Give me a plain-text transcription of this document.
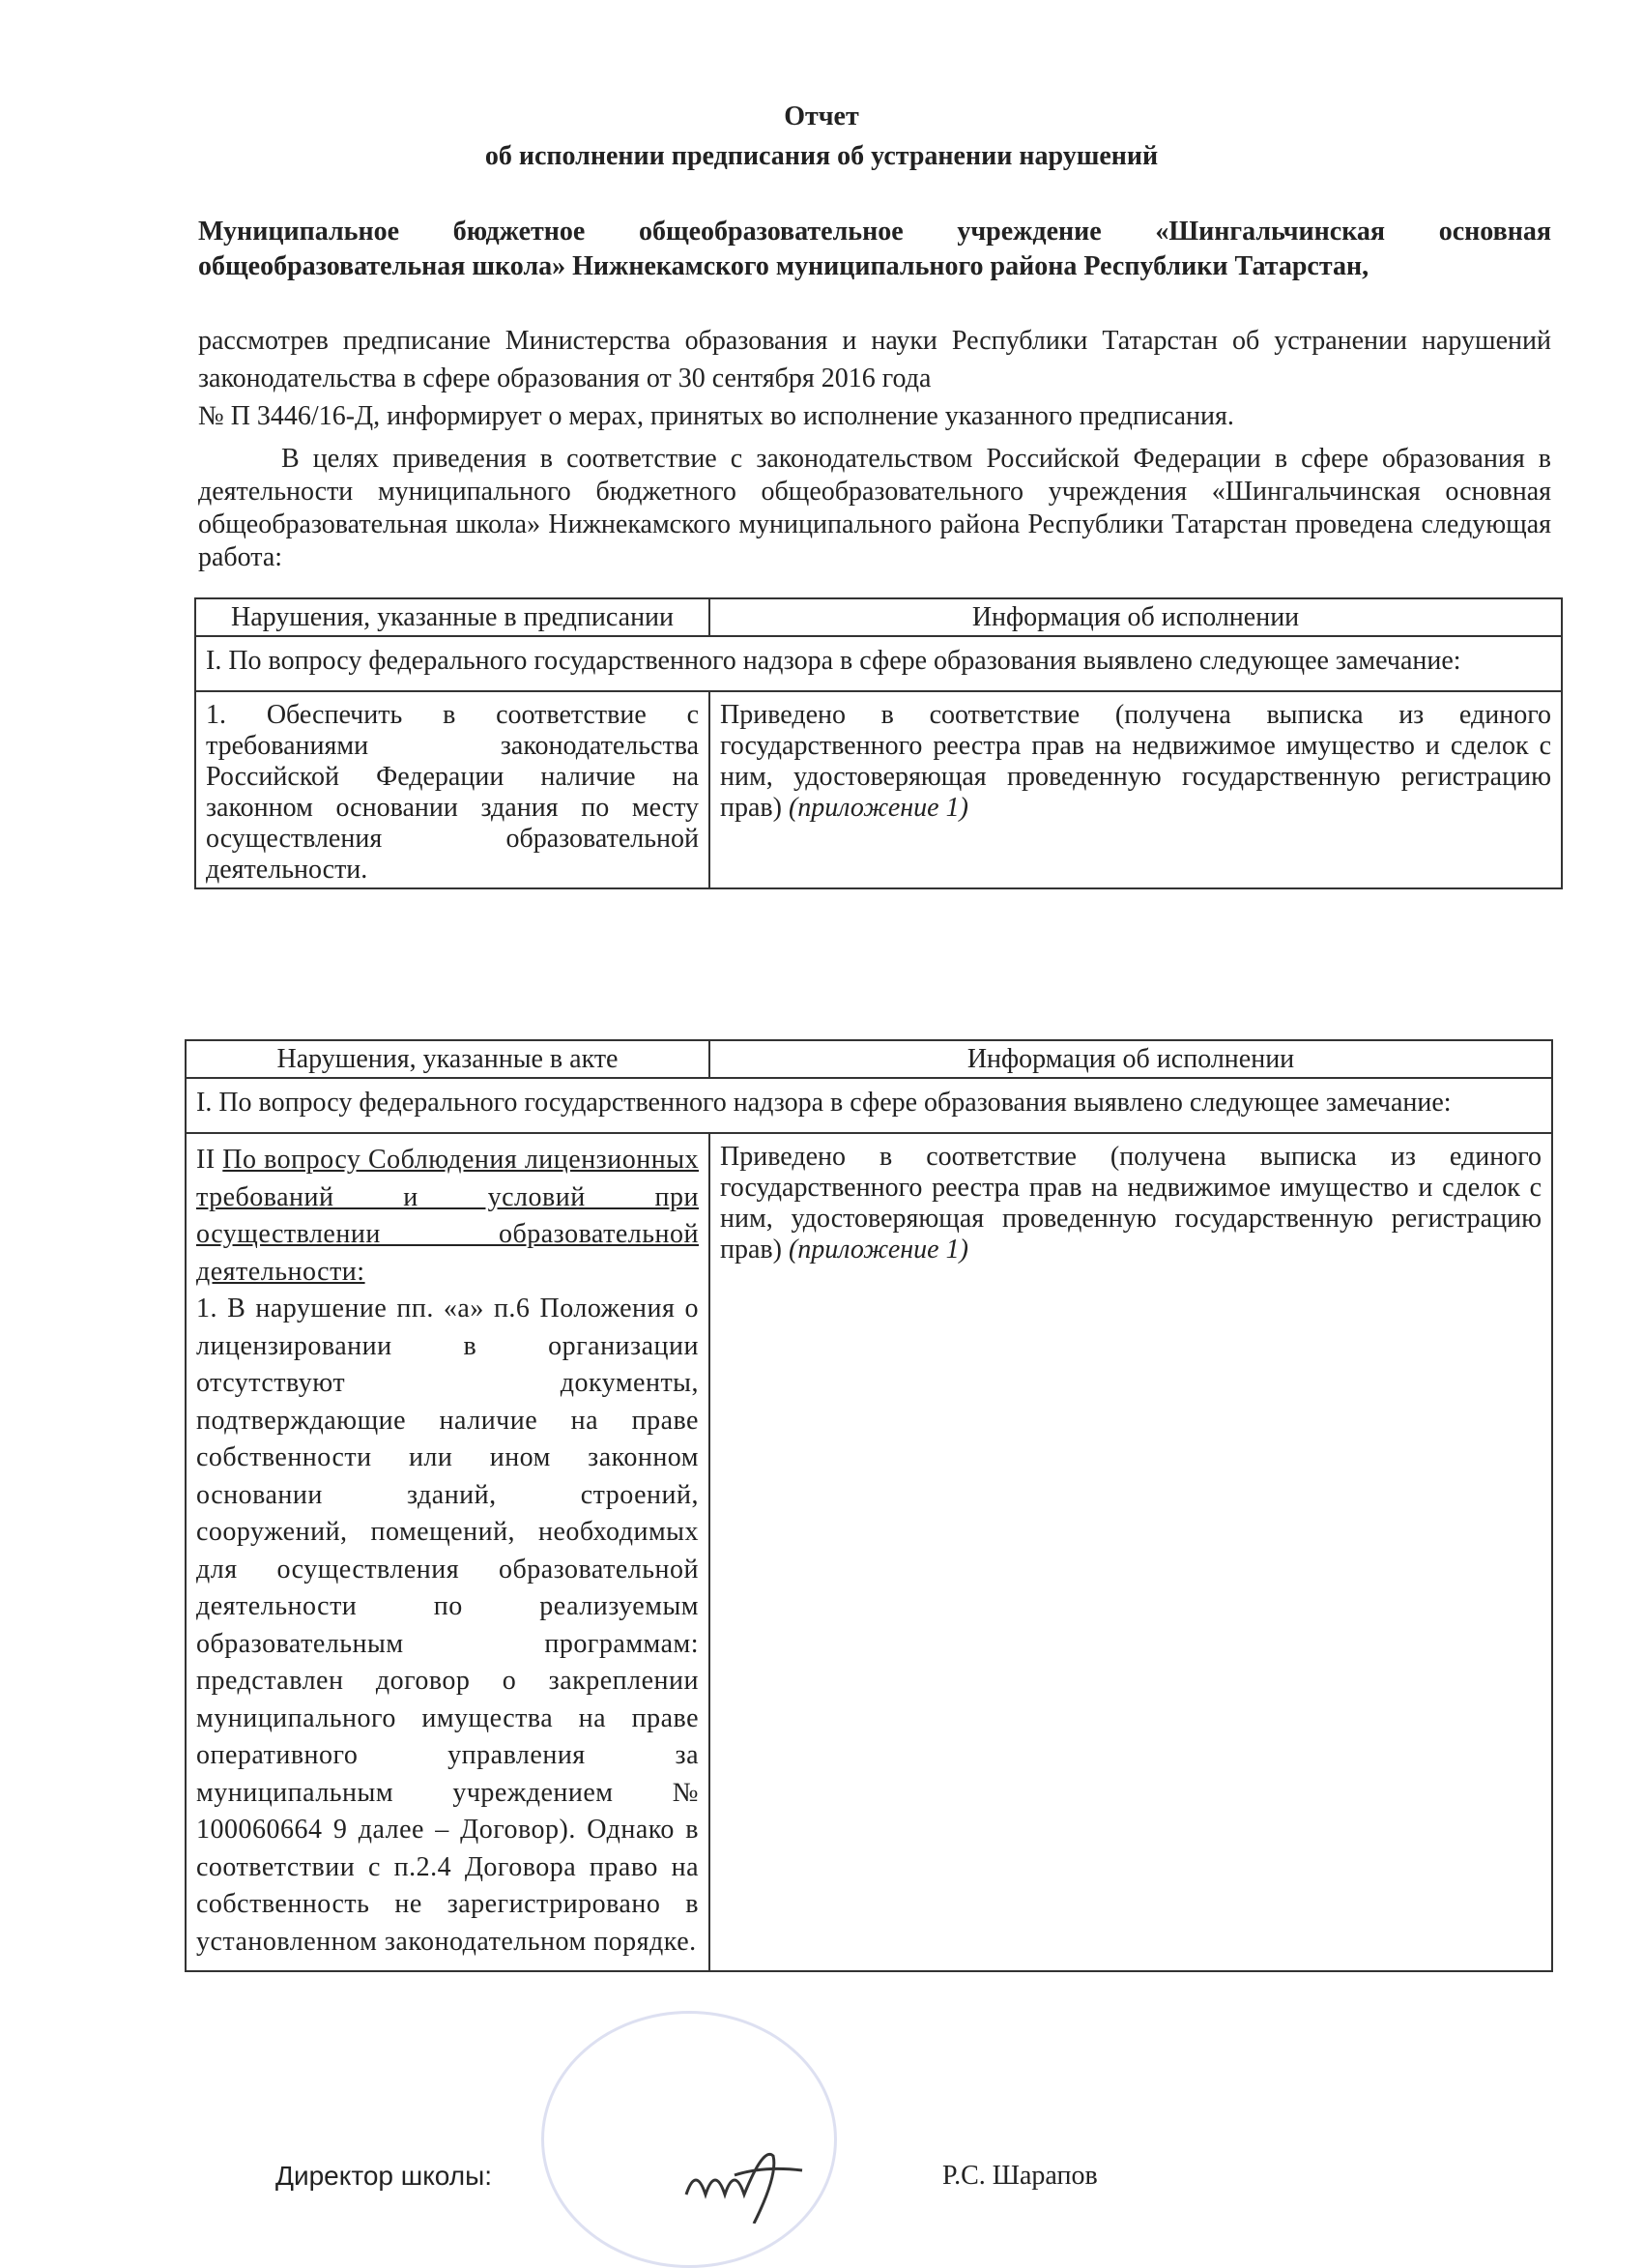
Отчет
об исполнении предписания об устранении нарушений
Муниципальное бюджетное общеобразовательное учреждение «Шингальчинская основная общеобразовательная школа» Нижнекамского муниципального района Республики Татарстан,
рассмотрев предписание Министерства образования и науки Республики Татарстан об устранении нарушений законодательства в сфере образования от 30 сентября 2016 года
№ П 3446/16-Д, информирует о мерах, принятых во исполнение указанного предписания.
В целях приведения в соответствие с законодательством Российской Федерации в сфере образования в деятельности муниципального бюджетного общеобразовательного учреждения «Шингальчинская основная общеобразовательная школа» Нижнекамского муниципального района Республики Татарстан проведена следующая работа:
Нарушения, указанные в предписании	Информация об исполнении
I. По вопросу федерального государственного надзора в сфере образования выявлено следующее замечание:	
1. Обеспечить в соответствие с требованиями законодательства Российской Федерации наличие на законном основании здания по месту осуществления образовательной деятельности.	Приведено в соответствие (получена выписка из единого государственного реестра прав на недвижимое имущество и сделок с ним, удостоверяющая проведенную государственную регистрацию прав) (приложение 1)
Нарушения, указанные в акте	Информация об исполнении
I. По вопросу федерального государственного надзора в сфере образования выявлено следующее замечание:	
II По вопросу Соблюдения лицензионных требований и условий при осуществлении образовательной деятельности:
1. В нарушение пп. «а» п.6 Положения о лицензировании в организации отсутствуют документы, подтверждающие наличие на праве собственности или ином законном основании зданий, строений, сооружений, помещений, необходимых для осуществления образовательной деятельности по реализуемым образовательным программам: представлен договор о закреплении муниципального имущества на праве оперативного управления за муниципальным учреждением № 100060664 9 далее – Договор). Однако в соответствии с п.2.4 Договора право на собственность не зарегистрировано в установленном законодательном порядке.	Приведено в соответствие (получена выписка из единого государственного реестра прав на недвижимое имущество и сделок с ним, удостоверяющая проведенную государственную регистрацию прав) (приложение 1)
Директор школы:	Р.С. Шарапов
